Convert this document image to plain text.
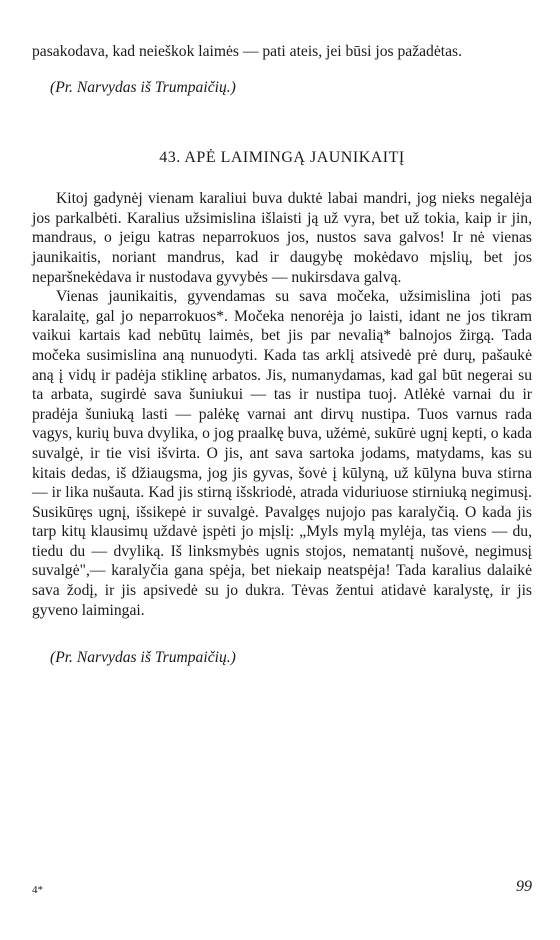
pasakodava, kad neieškok laimės — pati ateis, jei būsi jos pažadėtas.
(Pr. Narvydas iš Trumpaičių.)
43. APĖ LAIMINGĄ JAUNIKAITĮ

Kitoj gadynėj vienam karaliui buva duktė labai mandri, jog nieks negalėja jos parkalbėti. Karalius užsimislina išlaisti ją už vyra, bet už tokia, kaip ir jin, mandraus, o jeigu katras neparrokuos jos, nustos sava galvos! Ir nė vienas jaunikaitis, noriant mandrus, kad ir daugybę mokėdavo mįslių, bet jos neparšnekėdava ir nustodava gyvybės — nukirsdava galvą.

Vienas jaunikaitis, gyvendamas su sava močeka, užsimislina joti pas karalaitę, gal jo neparrokuos*. Močeka nenorėja jo laisti, idant ne jos tikram vaikui kartais kad nebūtų laimės, bet jis par nevalią* balnojos žirgą. Tada močeka susimislina aną nunuodyti. Kada tas arklį atsivedė prė durų, pašaukė aną į vidų ir padėja stiklinę arbatos. Jis, numanydamas, kad gal būt negerai su ta arbata, sugirdė sava šuniukui — tas ir nustipa tuoj. Atlėkė varnai du ir pradėja šuniuką lasti — palėkę varnai ant dirvų nustipa. Tuos varnus rada vagys, kurių buva dvylika, o jog praalkę buva, užėmė, sukūrė ugnį kepti, o kada suvalgė, ir tie visi išvirta. O jis, ant sava sartoka jodams, matydams, kas su kitais dedas, iš džiaugsma, jog jis gyvas, šovė į kūlyną, už kūlyna buva stirna — ir lika nušauta. Kad jis stirną išskriodė, atrada viduriuose stirniuką negimusį. Susikūręs ugnį, išsikepė ir suvalgė. Pavalgęs nujojo pas karalyčią. O kada jis tarp kitų klausimų uždavė įspėti jo mįslį: „Myls mylą mylėja, tas viens — du, tiedu du — dvyliką. Iš linksmybės ugnis stojos, nematantį nušovė, negimusį suvalgė",— karalyčia gana spėja, bet niekaip neatspėja! Tada karalius dalaikė sava žodį, ir jis apsivedė su jo dukra. Tėvas žentui atidavė karalystę, ir jis gyveno laimingai.

(Pr. Narvydas iš Trumpaičių.)
4*	99
